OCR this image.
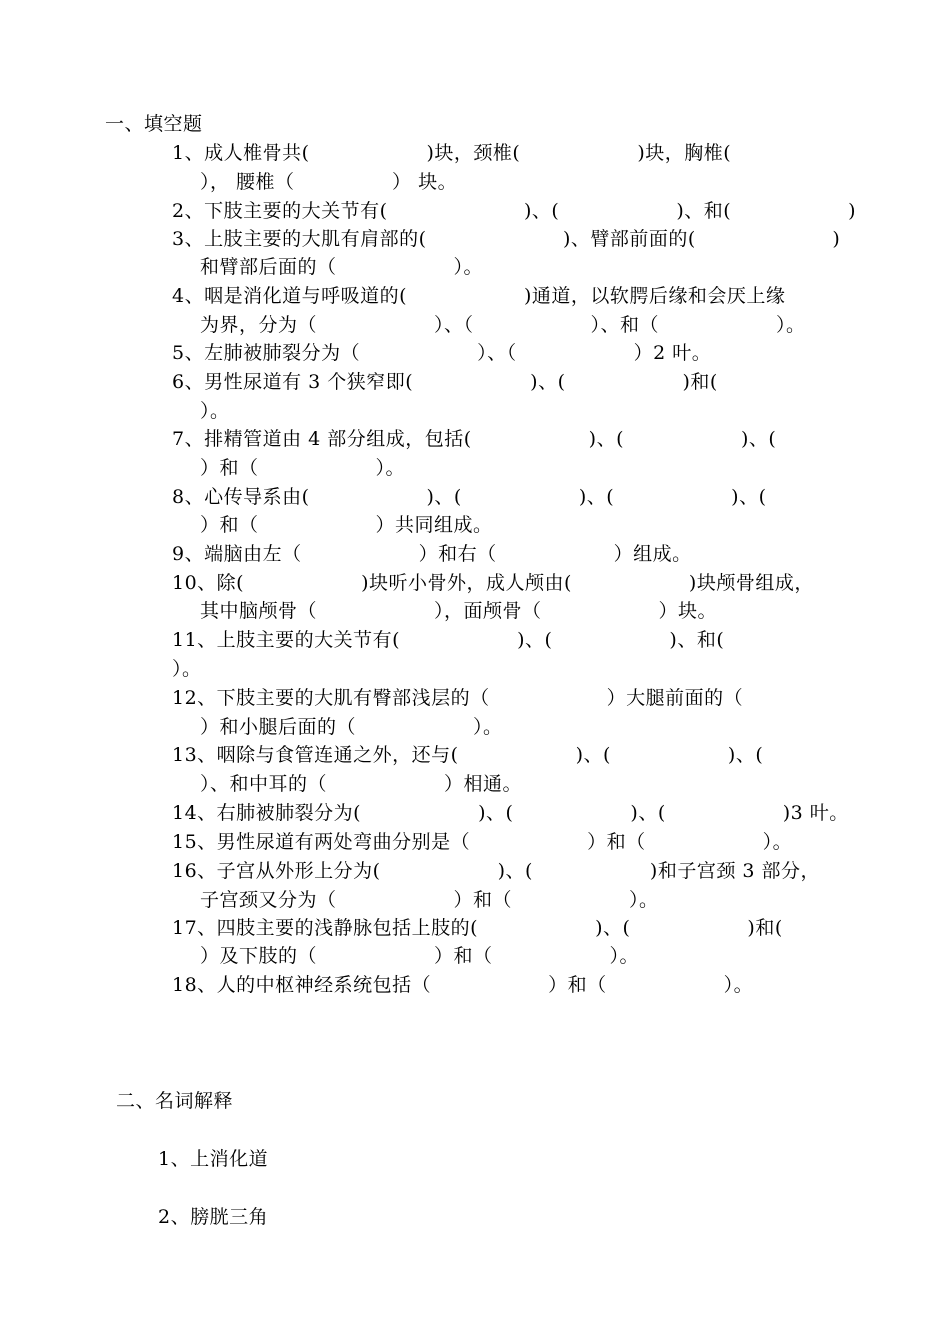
一、填空题
1、成人椎骨共(　　　　　　)块，颈椎(　　　　　　)块，胸椎(
）， 腰椎（　　　　　） 块。
2、下肢主要的大关节有(　　　　　　　)、(　　　　　　)、和(　　　　　　)
3、上肢主要的大肌有肩部的(　　　　　　　)、臂部前面的(　　　　　　　)
和臂部后面的（　　　　　　）。
4、咽是消化道与呼吸道的(　　　　　　)通道，以软腭后缘和会厌上缘
为界，分为（　　　　　　）、（　　　　　　）、和（　　　　　　）。
5、左肺被肺裂分为（　　　　　　）、（　　　　　　）2 叶。
6、男性尿道有 3 个狭窄即(　　　　　　)、(　　　　　　)和(
）。
7、排精管道由 4 部分组成，包括(　　　　　　)、(　　　　　　)、(
）和（　　　　　　）。
8、心传导系由(　　　　　　)、(　　　　　　)、(　　　　　　)、(
）和（　　　　　　）共同组成。
9、端脑由左（　　　　　　）和右（　　　　　　）组成。
10、除(　　　　　　)块听小骨外，成人颅由(　　　　　　)块颅骨组成，
其中脑颅骨（　　　　　　），面颅骨（　　　　　　）块。
11、上肢主要的大关节有(　　　　　　)、(　　　　　　)、和(
）。
12、下肢主要的大肌有臀部浅层的（　　　　　　）大腿前面的（
）和小腿后面的（　　　　　　）。
13、咽除与食管连通之外，还与(　　　　　　)、(　　　　　　)、(
）、和中耳的（　　　　　　）相通。
14、右肺被肺裂分为(　　　　　　)、(　　　　　　)、(　　　　　　)3 叶。
15、男性尿道有两处弯曲分别是（　　　　　　）和（　　　　　　）。
16、子宫从外形上分为(　　　　　　)、(　　　　　　)和子宫颈 3 部分，
子宫颈又分为（　　　　　　）和（　　　　　　）。
17、四肢主要的浅静脉包括上肢的(　　　　　　)、(　　　　　　)和(
）及下肢的（　　　　　　）和（　　　　　　）。
18、人的中枢神经系统包括（　　　　　　）和（　　　　　　）。
二、名词解释
1、上消化道
2、膀胱三角
